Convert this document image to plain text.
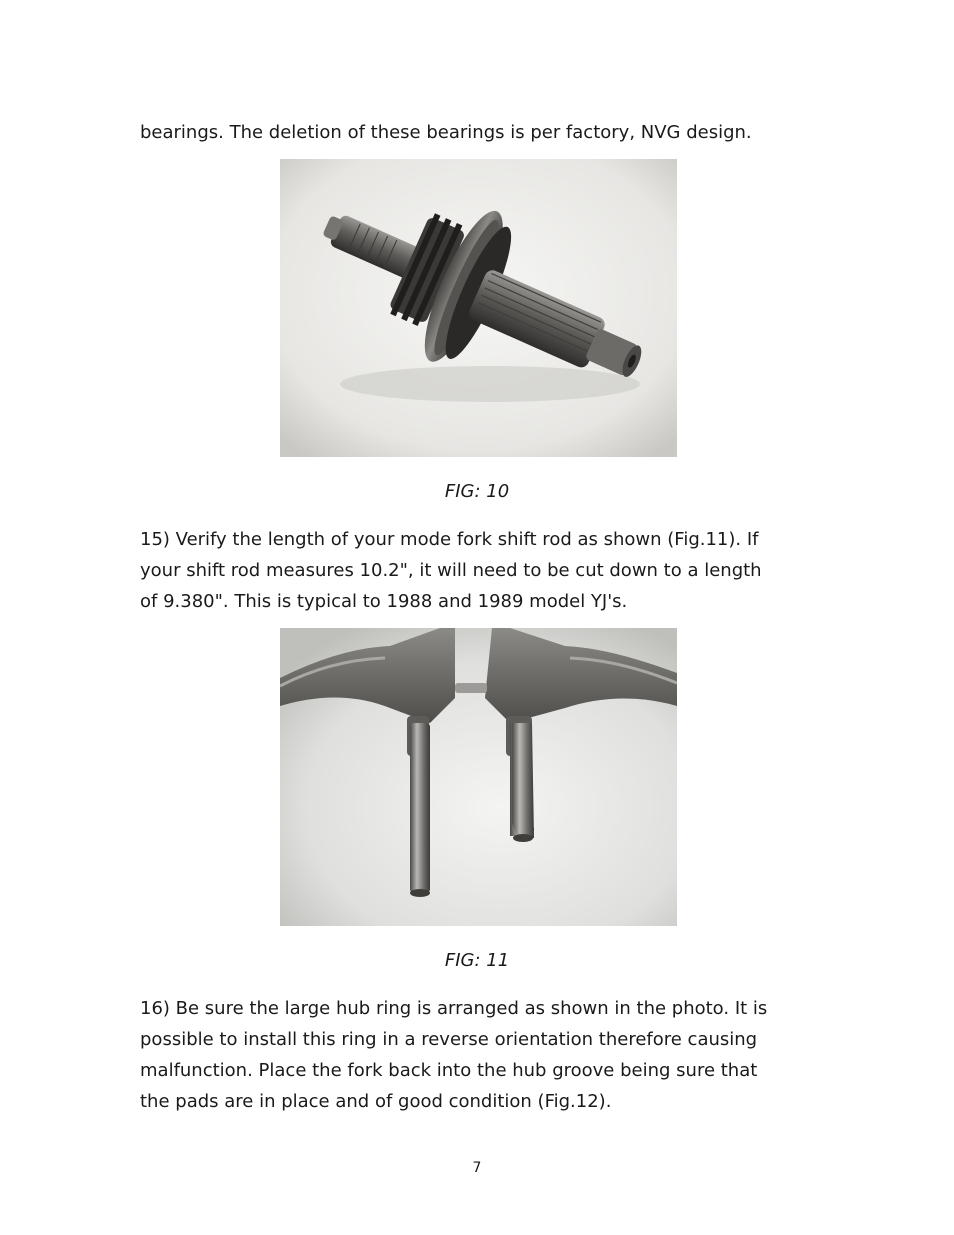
bearings. The deletion of these bearings is per factory, NVG design.

FIG: 10

15) Verify the length of your mode fork shift rod as shown (Fig.11). If
your shift rod measures 10.2", it will need to be cut down to a length
of 9.380". This is typical to 1988 and 1989 model YJ's.

FIG: 11

16) Be sure the large hub ring is arranged as shown in the photo. It is
possible to install this ring in a reverse orientation therefore causing
malfunction. Place the fork back into the hub groove being sure that
the pads are in place and of good condition (Fig.12).

7
